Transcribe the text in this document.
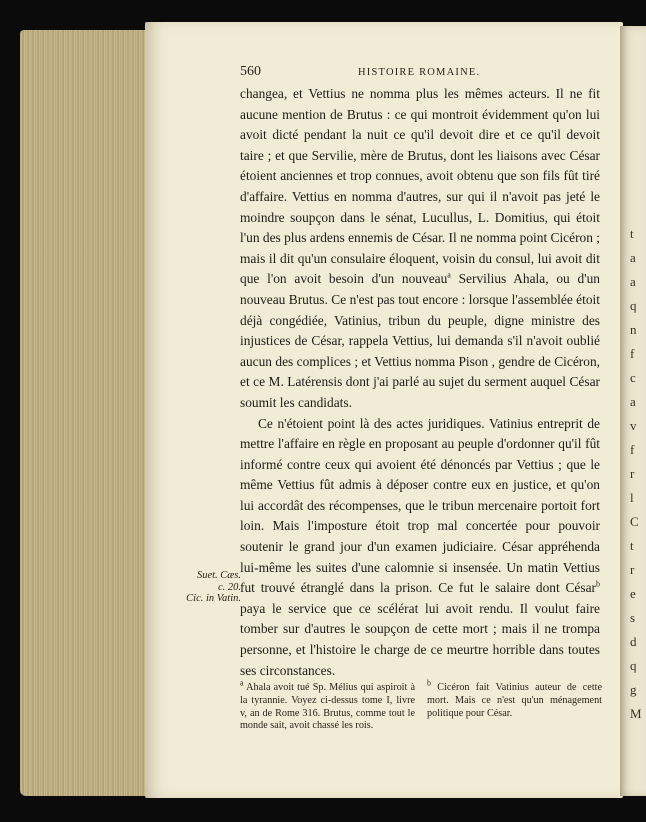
560	HISTOIRE ROMAINE.

changea, et Vettius ne nomma plus les mêmes acteurs. Il ne fit aucune mention de Brutus : ce qui montroit évidemment qu'on lui avoit dicté pendant la nuit ce qu'il devoit dire et ce qu'il devoit taire ; et que Servilie, mère de Brutus, dont les liaisons avec César étoient anciennes et trop connues, avoit obtenu que son fils fût tiré d'affaire. Vettius en nomma d'autres, sur qui il n'avoit pas jeté le moindre soupçon dans le sénat, Lucullus, L. Domitius, qui étoit l'un des plus ardens ennemis de César. Il ne nomma point Cicéron ; mais il dit qu'un consulaire éloquent, voisin du consul, lui avoit dit que l'on avoit besoin d'un nouveau$^a$ Servilius Ahala, ou d'un nouveau Brutus. Ce n'est pas tout encore : lorsque l'assemblée étoit déjà congédiée, Vatinius, tribun du peuple, digne ministre des injustices de César, rappela Vettius, lui demanda s'il n'avoit oublié aucun des complices ; et Vettius nomma Pison , gendre de Cicéron, et ce M. Latérensis dont j'ai parlé au sujet du serment auquel César soumit les candidats.

Ce n'étoient point là des actes juridiques. Vatinius entreprit de mettre l'affaire en règle en proposant au peuple d'ordonner qu'il fût informé contre ceux qui avoient été dénoncés par Vettius ; que le même Vettius fût admis à déposer contre eux en justice, et qu'on lui accordât des récompenses, que le tribun mercenaire portoit fort loin. Mais l'imposture étoit trop mal concertée pour pouvoir soutenir le grand jour d'un examen judiciaire. César appréhenda lui-même les suites d'une calomnie si insensée. Un matin Vettius fut trouvé étranglé dans la prison. Ce fut le salaire dont César$^b$ paya le service que ce scélérat lui avoit rendu. Il voulut faire tomber sur d'autres le soupçon de cette mort ; mais il ne trompa personne, et l'histoire le charge de ce meurtre horrible dans toutes ses circonstances.

Suet. Cæs.
c. 20.
Cic. in Vatin.

$^a$ Ahala avoit tué Sp. Mélius qui aspiroit à la tyrannie. Voyez ci-dessus tome I, livre v, an de Rome 316. Brutus, comme tout le monde sait, avoit chassé les rois.

$^b$ Cicéron fait Vatinius auteur de cette mort. Mais ce n'est qu'un ménagement politique pour César.

t
a
a
q
n
f
c
a
v
f
r
l
C
t
r
e
s
d
q
g
M
